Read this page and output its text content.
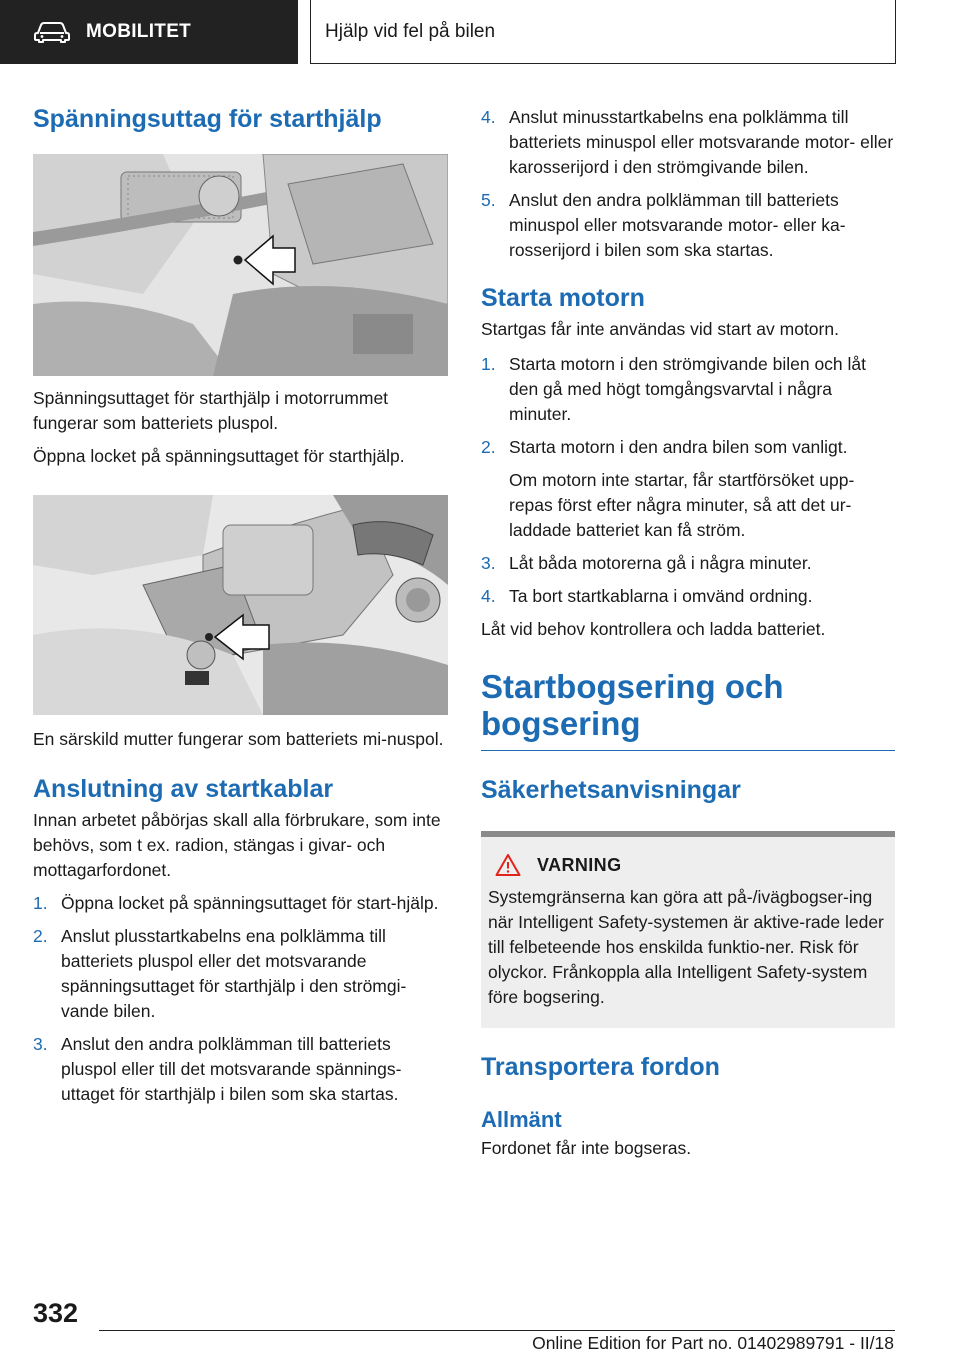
MOBILITET	Hjälp vid fel på bilen
Spänningsuttag för starthjälp

Spänningsuttaget för starthjälp i motorrummet fungerar som batteriets pluspol.

Öppna locket på spänningsuttaget för starthjälp.

En särskild mutter fungerar som batteriets mi-nuspol.

Anslutning av startkablar

Innan arbetet påbörjas skall alla förbrukare, som inte behövs, som t ex. radion, stängas i givar- och mottagarfordonet.

1. Öppna locket på spänningsuttaget för start-hjälp.
2. Anslut plusstartkabelns ena polklämma till batteriets pluspol eller det motsvarande spänningsuttaget för starthjälp i den strömgi-vande bilen.
3. Anslut den andra polklämman till batteriets pluspol eller till det motsvarande spännings-uttaget för starthjälp i bilen som ska startas.
4. Anslut minusstartkabelns ena polklämma till batteriets minuspol eller motsvarande motor- eller karosserijord i den strömgivande bilen.
5. Anslut den andra polklämman till batteriets minuspol eller motsvarande motor- eller ka-rosserijord i bilen som ska startas.
Starta motorn

Startgas får inte användas vid start av motorn.

1. Starta motorn i den strömgivande bilen och låt den gå med högt tomgångsvarvtal i några minuter.
2. Starta motorn i den andra bilen som vanligt.

Om motorn inte startar, får startförsöket upp-repas först efter några minuter, så att det ur-laddade batteriet kan få ström.

3. Låt båda motorerna gå i några minuter.
4. Ta bort startkablarna i omvänd ordning.

Låt vid behov kontrollera och ladda batteriet.

Startbogsering och bogsering
Säkerhetsanvisningar
VARNING

Systemgränserna kan göra att på-/ivägbogser-ing när Intelligent Safety-systemen är aktive-rade leder till felbeteende hos enskilda funktio-ner. Risk för olyckor. Frånkoppla alla Intelligent Safety-system före bogsering.

Transportera fordon
Allmänt

Fordonet får inte bogseras.

332
Online Edition for Part no. 01402989791 - II/18
